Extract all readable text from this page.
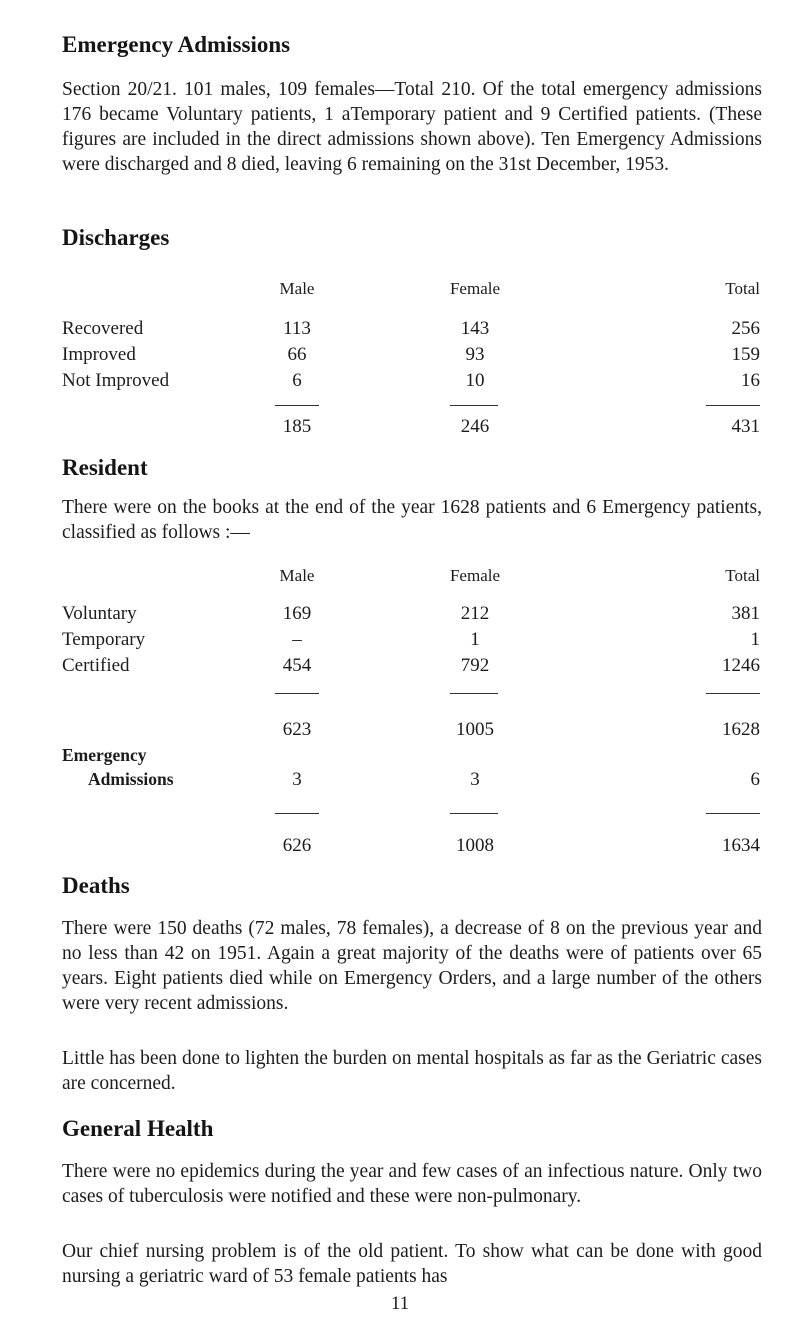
Emergency Admissions

Section 20/21. 101 males, 109 females—Total 210. Of the total emergency admissions 176 became Voluntary patients, 1 aTemporary patient and 9 Certified patients. (These figures are included in the direct admissions shown above). Ten Emergency Admissions were discharged and 8 died, leaving 6 remaining on the 31st December, 1953.

Discharges
Male	Female	Total
Recovered	113	143	256
Improved	66	93	159
Not Improved	6	10	16
185	246	431
Resident

There were on the books at the end of the year 1628 patients and 6 Emergency patients, classified as follows :—

Male	Female	Total
Voluntary	169	212	381
Temporary	–	1	1
Certified	454	792	1246
623	1005	1628
Emergency
Admissions	3	3	6
626	1008	1634
Deaths

There were 150 deaths (72 males, 78 females), a decrease of 8 on the previous year and no less than 42 on 1951. Again a great majority of the deaths were of patients over 65 years. Eight patients died while on Emergency Orders, and a large number of the others were very recent admissions.

Little has been done to lighten the burden on mental hospitals as far as the Geriatric cases are concerned.

General Health

There were no epidemics during the year and few cases of an infectious nature. Only two cases of tuberculosis were notified and these were non-pulmonary.

Our chief nursing problem is of the old patient. To show what can be done with good nursing a geriatric ward of 53 female patients has

11
